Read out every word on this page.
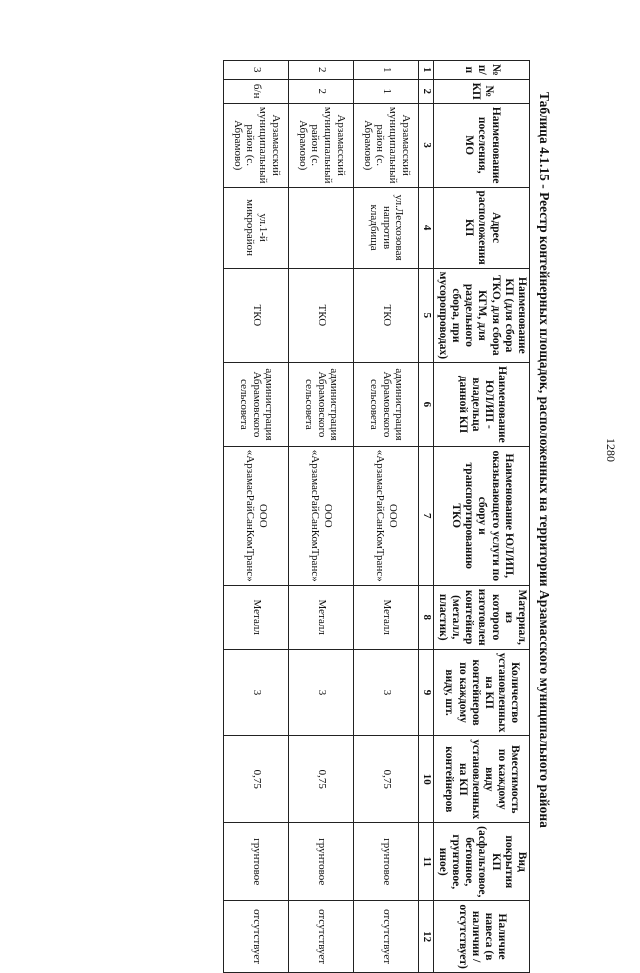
1280
Таблица 4.1.15 - Реестр контейнерных площадок, расположенных на территории Арзамасского муниципального района
№ п/п	№ КП	Наименование поселения, МО	Адрес расположения КП	Наименование КП (для сбора ТКО, для сбора КГМ, для раздельного сбора, при мусоропроводах)	Наименование ЮЛ/ИП - владельца данной КП	Наименование ЮЛ/ИП, оказывающего услуги по сбору и транспортированию ТКО	Материал, из которого изготовлен контейнер (металл, пластик)	Количество установленных на КП контейнеров по каждому виду, шт.	Вместимость по каждому виду установленных на КП контейнеров	Вид покрытия КП (асфальтовое, бетонное, грунтовое, иное)	Наличие навеса (в наличии / отсутствует)
1	2	3	4	5	6	7	8	9	10	11	12
1	1	Арзамасский муниципальный район (с. Абрамово)	ул.Лесхозовая напротив кладбища	ТКО	администрация Абрамовского сельсовета	ООО «АрзамасРайСанКомТранс»	Металл	3	0,75	грунтовое	отсутствует
2	2	Арзамасский муниципальный район (с. Абрамово)		ТКО	администрация Абрамовского сельсовета	ООО «АрзамасРайСанКомТранс»	Металл	3	0,75	грунтовое	отсутствует
3	б/н	Арзамасский муниципальный район (с. Абрамово)	ул.1-й микрорайон	ТКО	администрация Абрамовского сельсовета	ООО «АрзамасРайСанКомТранс»	Металл	3	0,75	грунтовое	отсутствует
